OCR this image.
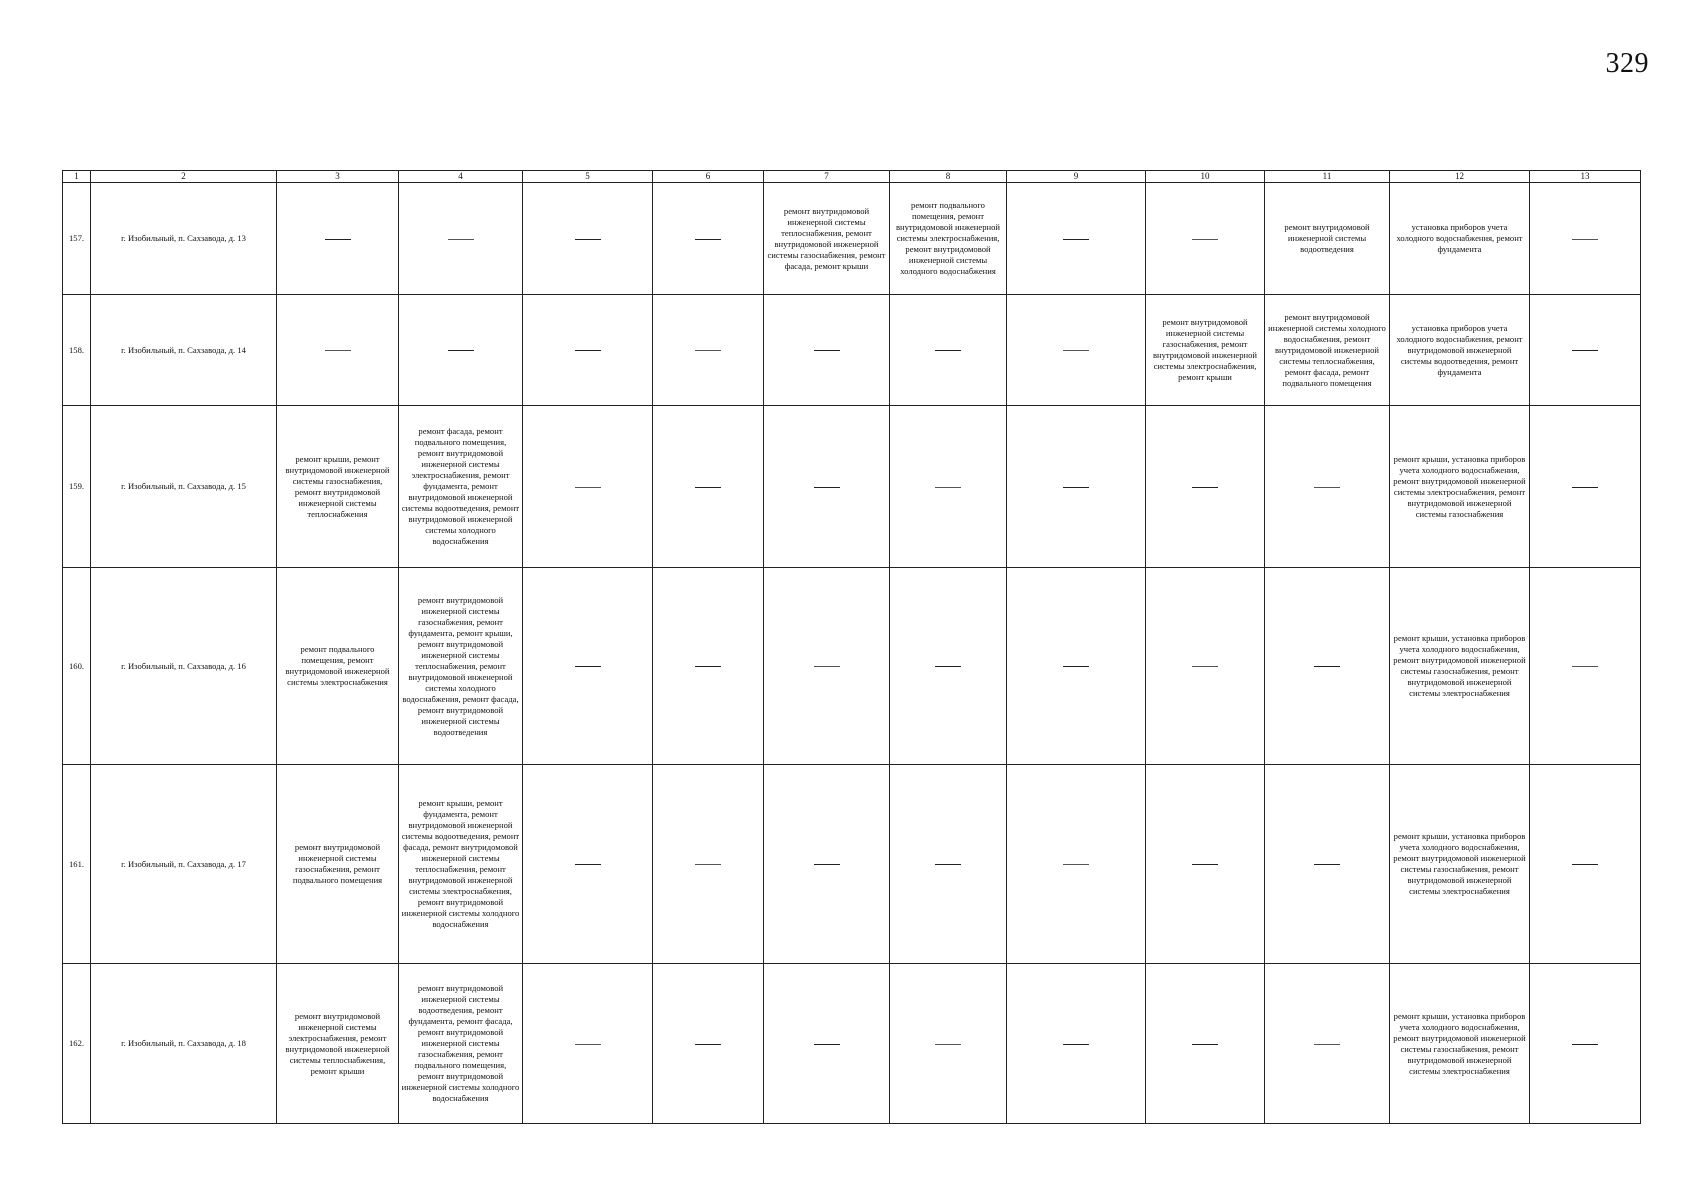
329
1	2	3	4	5	6	7	8	9	10	11	12	13
157.	г. Изобильный, п. Сахзавода, д. 13					ремонт внутридомовой инженерной системы теплоснабжения, ремонт внутридомовой инженерной системы газоснабжения, ремонт фасада, ремонт крыши	ремонт подвального помещения, ремонт внутридомовой инженерной системы электроснабжения, ремонт внутридомовой инженерной системы холодного водоснабжения			ремонт внутридомовой инженерной системы водоотведения	установка приборов учета холодного водоснабжения, ремонт фундамента	
158.	г. Изобильный, п. Сахзавода, д. 14								ремонт внутридомовой инженерной системы газоснабжения, ремонт внутридомовой инженерной системы электроснабжения, ремонт крыши	ремонт внутридомовой инженерной системы холодного водоснабжения, ремонт внутридомовой инженерной системы теплоснабжения, ремонт фасада, ремонт подвального помещения	установка приборов учета холодного водоснабжения, ремонт внутридомовой инженерной системы водоотведения, ремонт фундамента	
159.	г. Изобильный, п. Сахзавода, д. 15	ремонт крыши, ремонт внутридомовой инженерной системы газоснабжения, ремонт внутридомовой инженерной системы теплоснабжения	ремонт фасада, ремонт подвального помещения, ремонт внутридомовой инженерной системы электроснабжения, ремонт фундамента, ремонт внутридомовой инженерной системы водоотведения, ремонт внутридомовой инженерной системы холодного водоснабжения								ремонт крыши, установка приборов учета холодного водоснабжения, ремонт внутридомовой инженерной системы электроснабжения, ремонт внутридомовой инженерной системы газоснабжения	
160.	г. Изобильный, п. Сахзавода, д. 16	ремонт подвального помещения, ремонт внутридомовой инженерной системы электроснабжения	ремонт внутридомовой инженерной системы газоснабжения, ремонт фундамента, ремонт крыши, ремонт внутридомовой инженерной системы теплоснабжения, ремонт внутридомовой инженерной системы холодного водоснабжения, ремонт фасада, ремонт внутридомовой инженерной системы водоотведения								ремонт крыши, установка приборов учета холодного водоснабжения, ремонт внутридомовой инженерной системы газоснабжения, ремонт внутридомовой инженерной системы электроснабжения	
161.	г. Изобильный, п. Сахзавода, д. 17	ремонт внутридомовой инженерной системы газоснабжения, ремонт подвального помещения	ремонт крыши, ремонт фундамента, ремонт внутридомовой инженерной системы водоотведения, ремонт фасада, ремонт внутридомовой инженерной системы теплоснабжения, ремонт внутридомовой инженерной системы электроснабжения, ремонт внутридомовой инженерной системы холодного водоснабжения								ремонт крыши, установка приборов учета холодного водоснабжения, ремонт внутридомовой инженерной системы газоснабжения, ремонт внутридомовой инженерной системы электроснабжения	
162.	г. Изобильный, п. Сахзавода, д. 18	ремонт внутридомовой инженерной системы электроснабжения, ремонт внутридомовой инженерной системы теплоснабжения, ремонт крыши	ремонт внутридомовой инженерной системы водоотведения, ремонт фундамента, ремонт фасада, ремонт внутридомовой инженерной системы газоснабжения, ремонт подвального помещения, ремонт внутридомовой инженерной системы холодного водоснабжения								ремонт крыши, установка приборов учета холодного водоснабжения, ремонт внутридомовой инженерной системы газоснабжения, ремонт внутридомовой инженерной системы электроснабжения	
